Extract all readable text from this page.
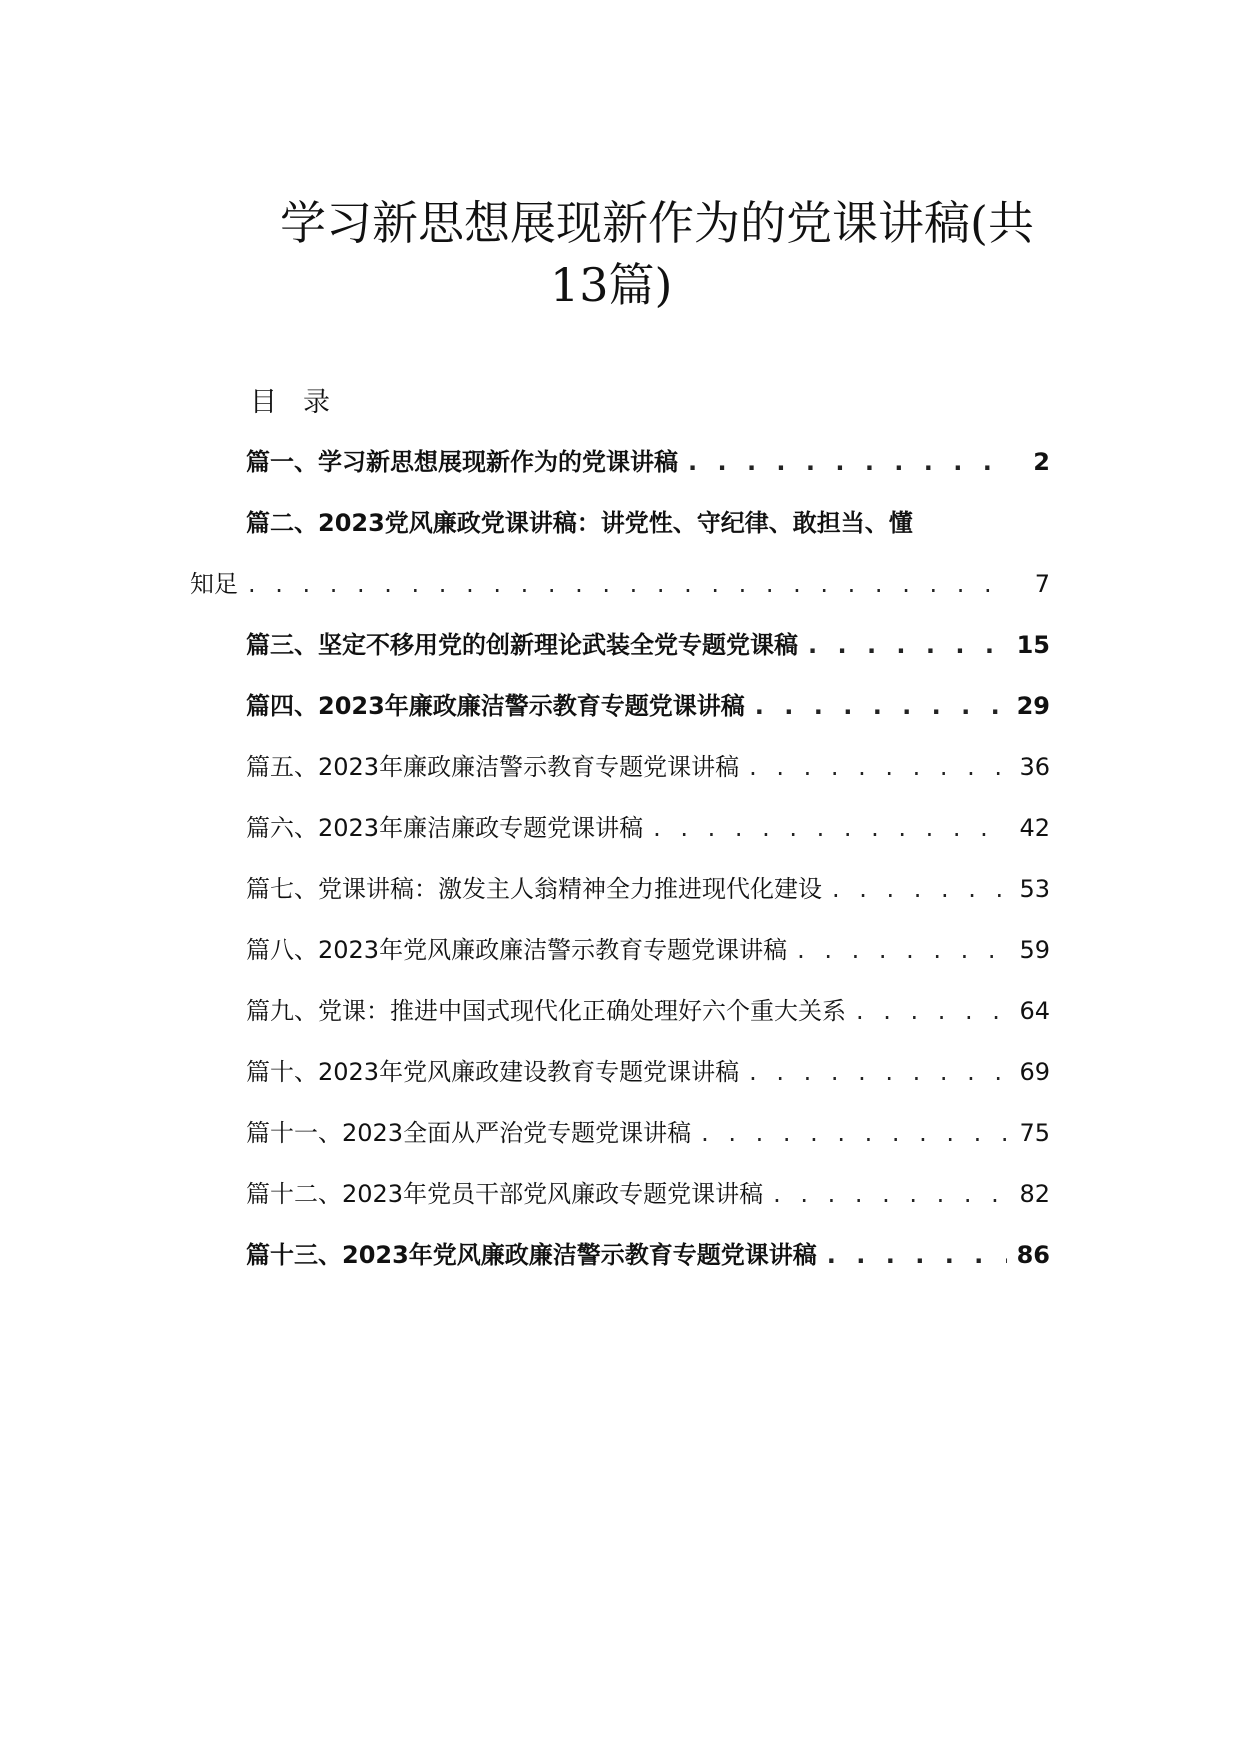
学习新思想展现新作为的党课讲稿(共
13篇)
目录
篇一、学习新思想展现新作为的党课讲稿 . . .	2
篇二、2023党风廉政党课讲稿：讲党性、守纪律、敢担当、懂
知足 . . .	7
篇三、坚定不移用党的创新理论武装全党专题党课稿 . . .	15
篇四、2023年廉政廉洁警示教育专题党课讲稿 . . .	29
篇五、2023年廉政廉洁警示教育专题党课讲稿 . . .	36
篇六、2023年廉洁廉政专题党课讲稿 . . .	42
篇七、党课讲稿：激发主人翁精神全力推进现代化建设 . . .	53
篇八、2023年党风廉政廉洁警示教育专题党课讲稿 . . .	59
篇九、党课：推进中国式现代化正确处理好六个重大关系 . . .	64
篇十、2023年党风廉政建设教育专题党课讲稿 . . .	69
篇十一、2023全面从严治党专题党课讲稿 . . .	75
篇十二、2023年党员干部党风廉政专题党课讲稿 . . .	82
篇十三、2023年党风廉政廉洁警示教育专题党课讲稿 . . .	86
